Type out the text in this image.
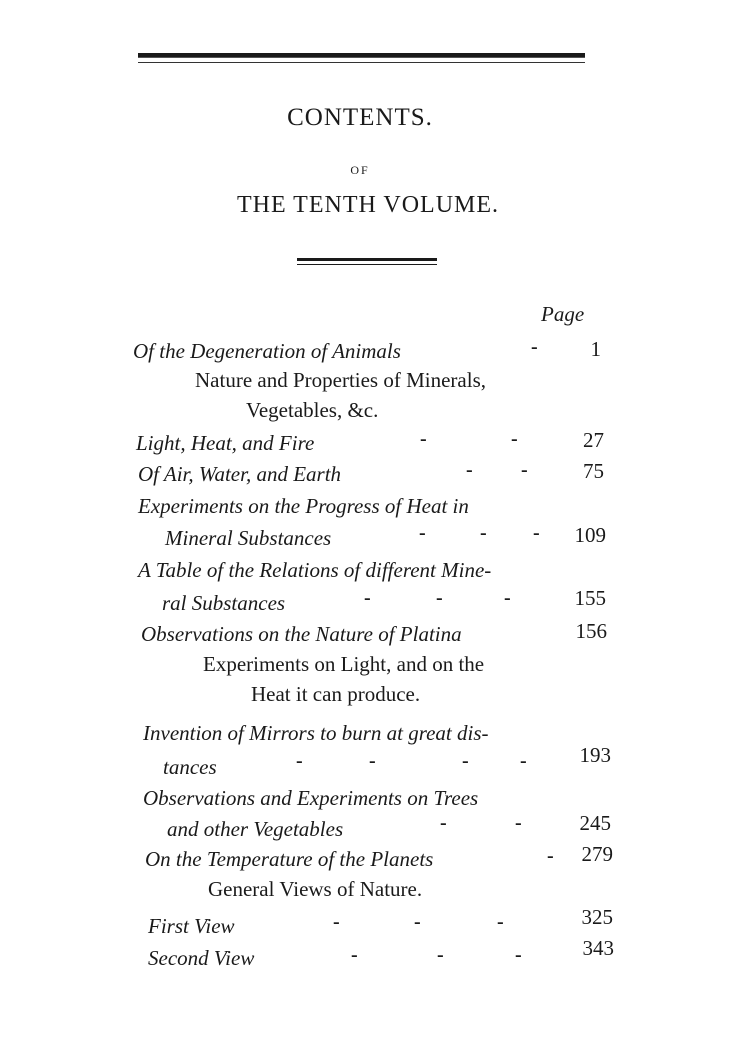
CONTENTS.
OF
THE TENTH VOLUME.
Page
Of the Degeneration of Animals	-	1
Nature and Properties of Minerals,
Vegetables, &c.
Light, Heat, and Fire	-	-	27
Of Air, Water, and Earth	- -	75
Experiments on the Progress of Heat in
Mineral Substances	-	- -	109
A Table of the Relations of different Mine-
ral Substances	-	-	-	155
Observations on the Nature of Platina	156
Experiments on Light, and on the
Heat it can produce.
Invention of Mirrors to burn at great dis-
tances	-	-	-	-	193
Observations and Experiments on Trees
and other Vegetables	-	-	245
On the Temperature of the Planets	-	279
General Views of Nature.
First View	-	-	-	325
Second View	-	-	-	343
